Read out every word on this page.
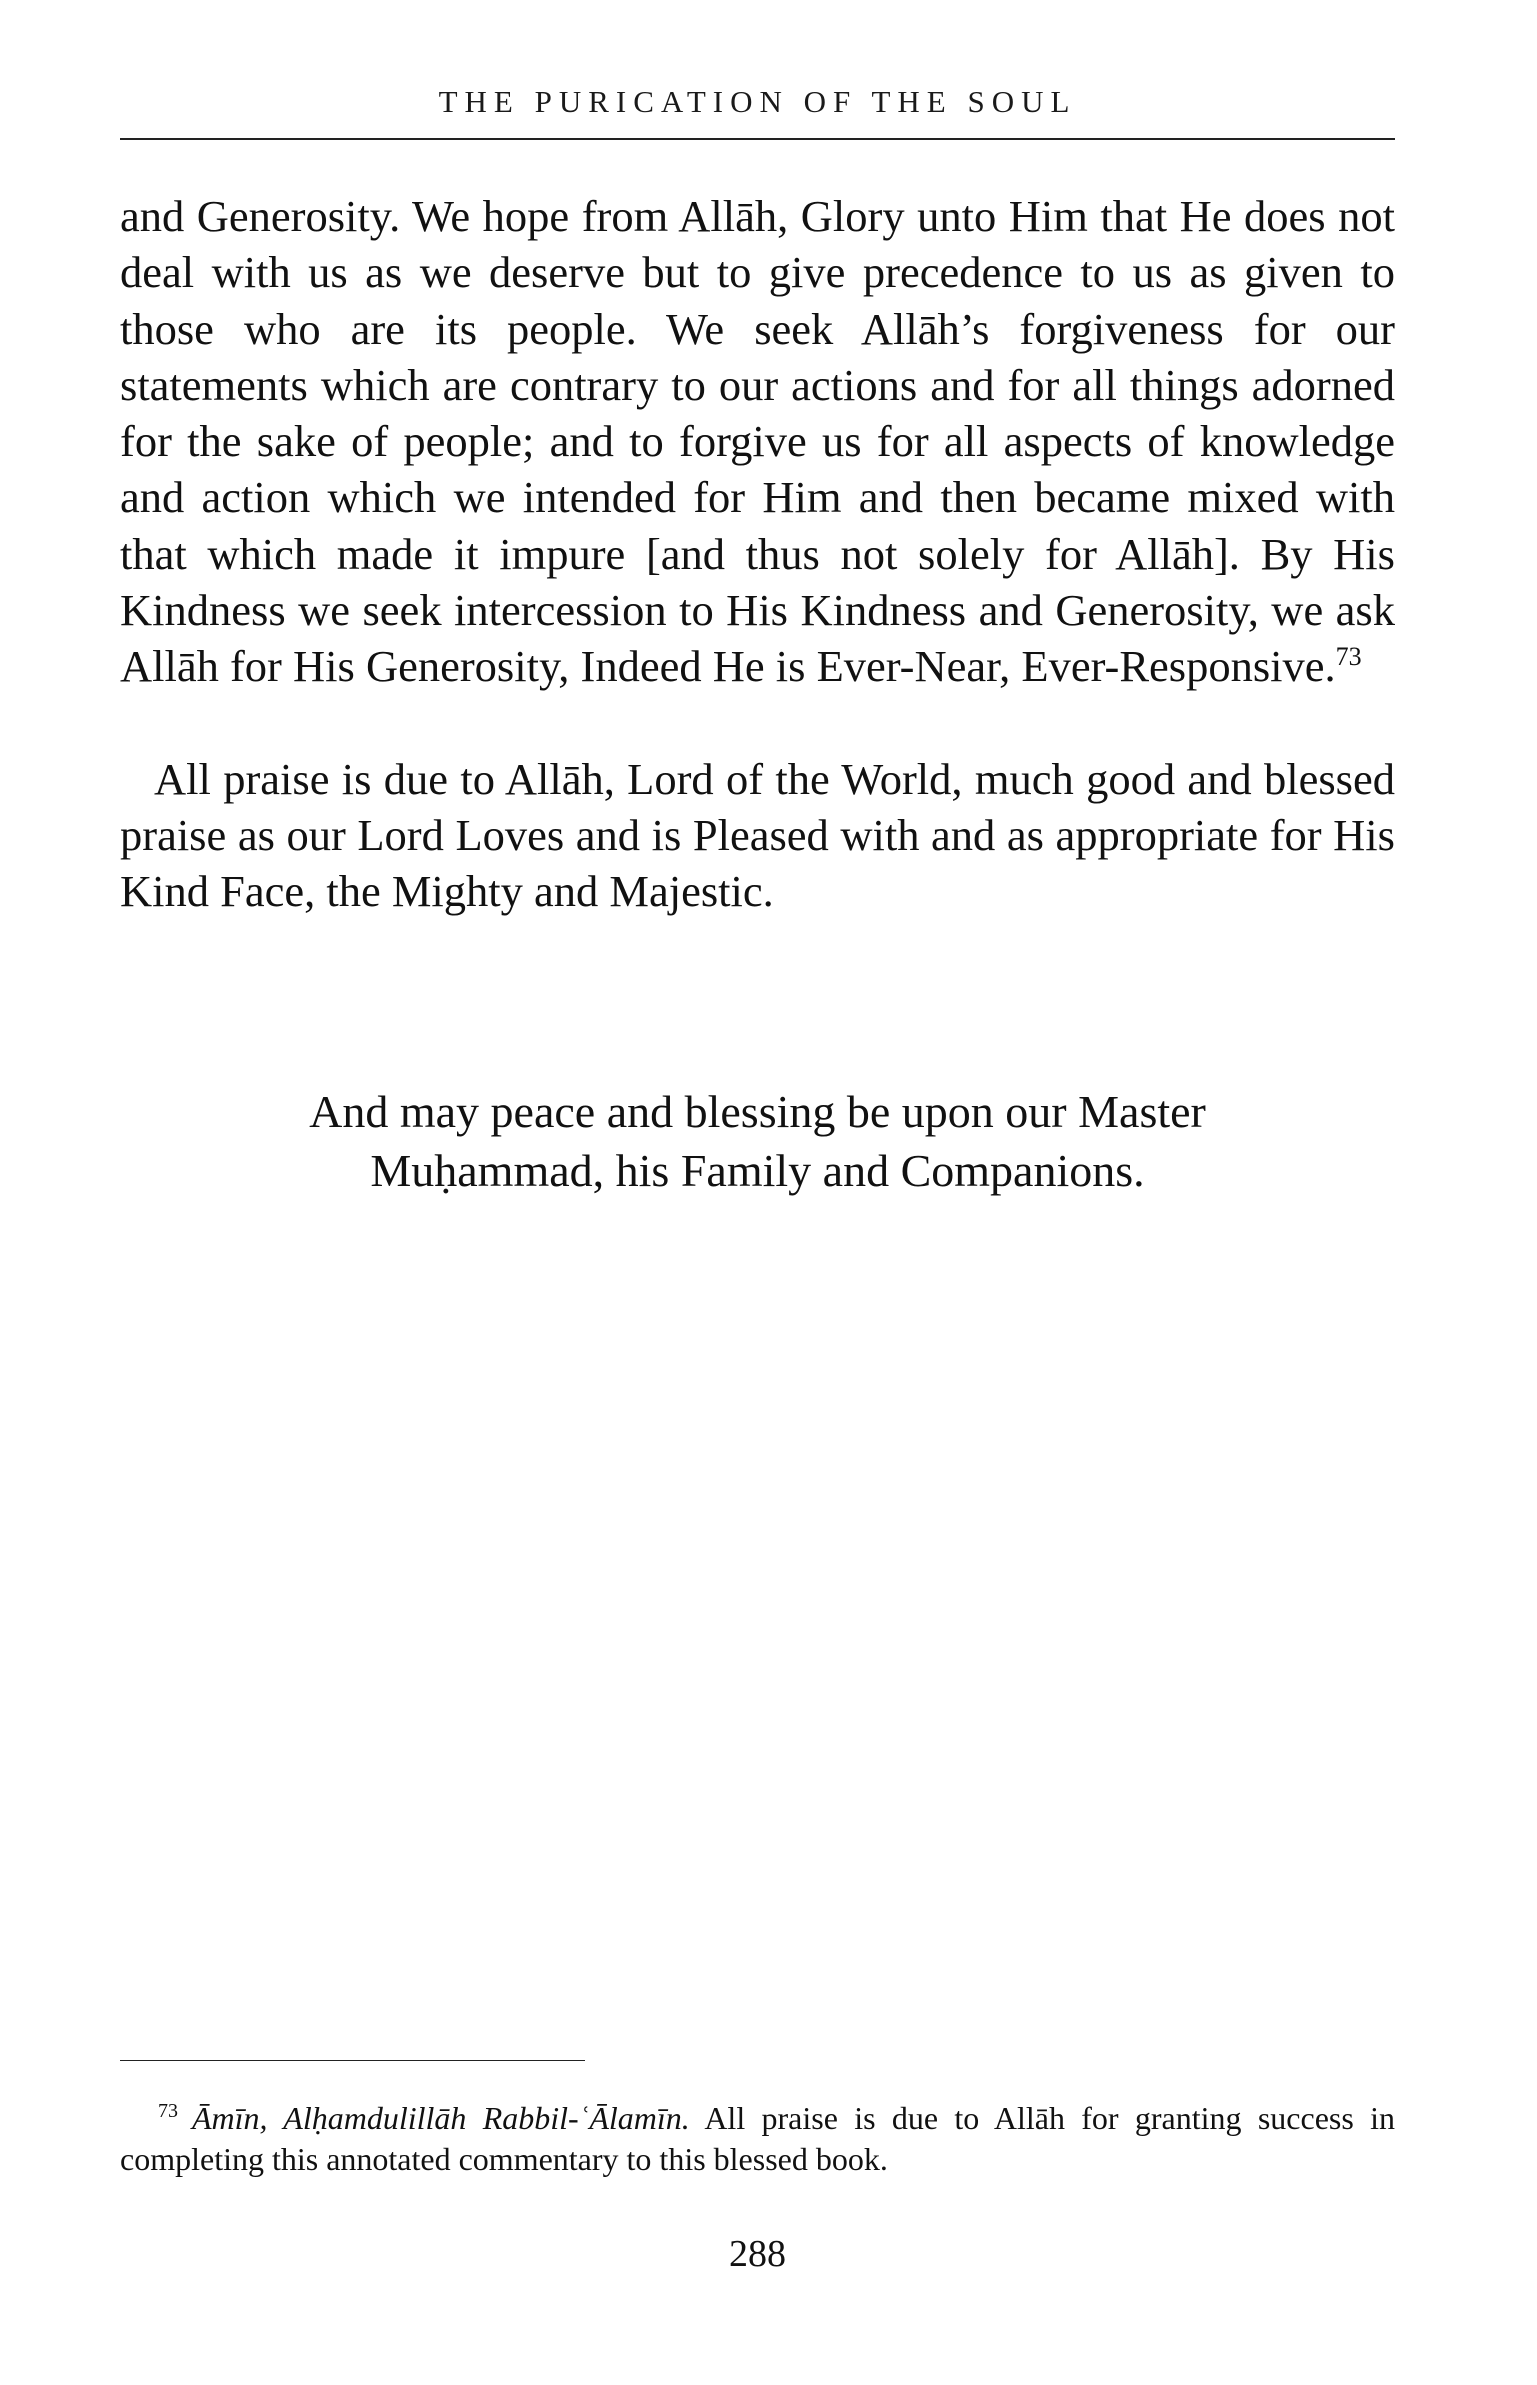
THE PURICATION OF THE SOUL

and Generosity. We hope from Allāh, Glory unto Him that He does not deal with us as we deserve but to give precedence to us as given to those who are its people. We seek Allāh’s forgiveness for our statements which are contrary to our actions and for all things adorned for the sake of people; and to forgive us for all aspects of knowledge and action which we intended for Him and then became mixed with that which made it impure [and thus not solely for Allāh]. By His Kindness we seek intercession to His Kindness and Generosity, we ask Allāh for His Generosity, Indeed He is Ever-Near, Ever-Responsive.$^{73}$

All praise is due to Allāh, Lord of the World, much good and blessed praise as our Lord Loves and is Pleased with and as appropriate for His Kind Face, the Mighty and Majestic.

And may peace and blessing be upon our Master
Muḥammad, his Family and Companions.
$^{73}$ Āmīn, Alḥamdulillāh Rabbil-ʿĀlamīn. All praise is due to Allāh for granting success in completing this annotated commentary to this blessed book.
288
